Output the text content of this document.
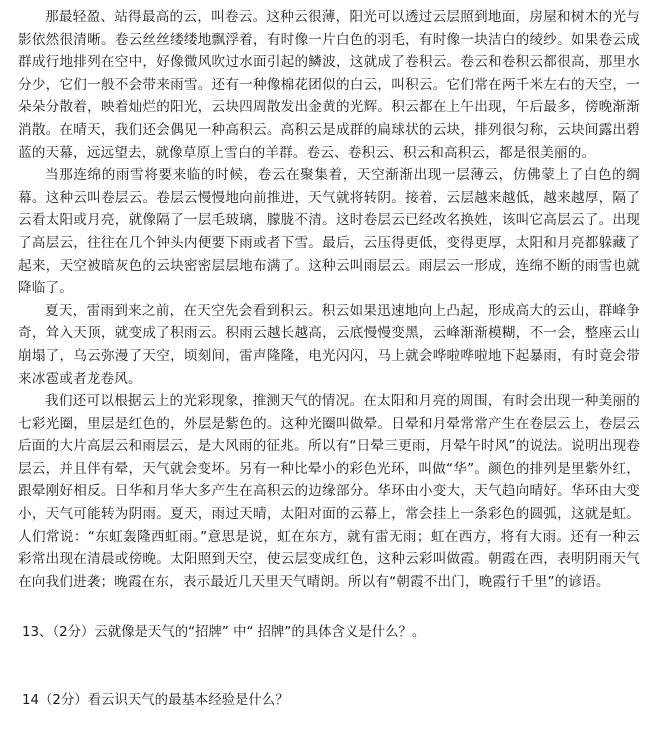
那最轻盈、站得最高的云，叫卷云。这种云很薄，阳光可以透过云层照到地面，房屋和树木的光与影依然很清晰。卷云丝丝缕缕地飘浮着，有时像一片白色的羽毛，有时像一块洁白的绫纱。如果卷云成群成行地排列在空中，好像微风吹过水面引起的鳞波，这就成了卷积云。卷云和卷积云都很高，那里水分少，它们一般不会带来雨雪。还有一种像棉花团似的白云，叫积云。它们常在两千米左右的天空，一朵朵分散着，映着灿烂的阳光，云块四周散发出金黄的光辉。积云都在上午出现，午后最多，傍晚渐渐消散。在晴天，我们还会偶见一种高积云。高积云是成群的扁球状的云块，排列很匀称，云块间露出碧蓝的天幕，远远望去，就像草原上雪白的羊群。卷云、卷积云、积云和高积云，都是很美丽的。

当那连绵的雨雪将要来临的时候，卷云在聚集着，天空渐渐出现一层薄云，仿佛蒙上了白色的绸幕。这种云叫卷层云。卷层云慢慢地向前推进，天气就将转阴。接着，云层越来越低，越来越厚，隔了云看太阳或月亮，就像隔了一层毛玻璃，朦胧不清。这时卷层云已经改名换姓，该叫它高层云了。出现了高层云，往往在几个钟头内便要下雨或者下雪。最后，云压得更低，变得更厚，太阳和月亮都躲藏了起来，天空被暗灰色的云块密密层层地布满了。这种云叫雨层云。雨层云一形成，连绵不断的雨雪也就降临了。

夏天，雷雨到来之前，在天空先会看到积云。积云如果迅速地向上凸起，形成高大的云山，群峰争奇，耸入天顶，就变成了积雨云。积雨云越长越高，云底慢慢变黑，云峰渐渐模糊，不一会，整座云山崩塌了，乌云弥漫了天空，顷刻间，雷声隆隆，电光闪闪，马上就会哗啦哗啦地下起暴雨，有时竟会带来冰雹或者龙卷风。

我们还可以根据云上的光彩现象，推测天气的情况。在太阳和月亮的周围，有时会出现一种美丽的七彩光圈，里层是红色的，外层是紫色的。这种光圈叫做晕。日晕和月晕常常产生在卷层云上，卷层云后面的大片高层云和雨层云，是大风雨的征兆。所以有“日晕三更雨，月晕午时风”的说法。说明出现卷层云，并且伴有晕，天气就会变坏。另有一种比晕小的彩色光环，叫做“华”。颜色的排列是里紫外红，跟晕刚好相反。日华和月华大多产生在高积云的边缘部分。华环由小变大，天气趋向晴好。华环由大变小，天气可能转为阴雨。夏天，雨过天晴，太阳对面的云幕上，常会挂上一条彩色的圆弧，这就是虹。人们常说：“东虹轰隆西虹雨。”意思是说，虹在东方，就有雷无雨；虹在西方，将有大雨。还有一种云彩常出现在清晨或傍晚。太阳照到天空，使云层变成红色，这种云彩叫做霞。朝霞在西，表明阴雨天气在向我们进袭；晚霞在东，表示最近几天里天气晴朗。所以有“朝霞不出门，晚霞行千里”的谚语。

13、（2分）云就像是天气的“招牌” 中“ 招牌”的具体含义是什么？。

14（2分）看云识天气的最基本经验是什么？
